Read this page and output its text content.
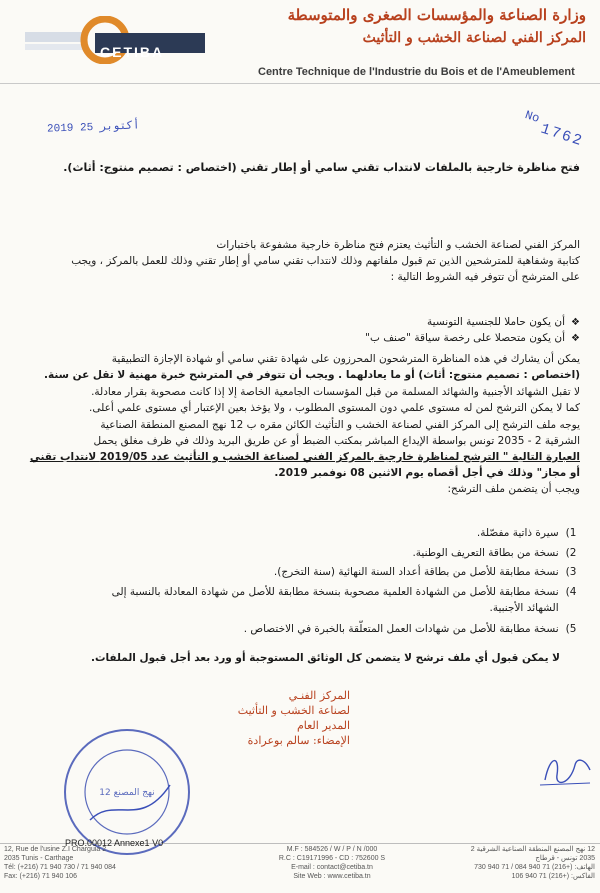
CETIBA
وزارة الصناعة والمؤسسات الصغرى والمتوسطة
المركز الفني لصناعة الخشب و التأثيث
Centre Technique de l'Industrie du Bois et de l'Ameublement
2019 أكتوبر 25
No
1762
فتح مناظرة خارجية بالملفات لانتداب تقني سامي أو إطار تقني (اختصاص : تصميم منتوج: أثاث).
المركز الفني لصناعة الخشب و التأثيث يعتزم فتح مناظرة خارجية مشفوعة باختبارات
كتابية وشفاهية للمترشحين الذين تم قبول ملفاتهم وذلك لانتداب تقني سامي أو إطار تقني وذلك للعمل بالمركز ، ويجب
على المترشح أن تتوفر فيه الشروط التالية :
❖أن يكون حاملا للجنسية التونسية
❖أن يكون متحصلا على رخصة سياقة "صنف ب"
يمكن أن يشارك في هذه المناظرة المترشحون المحرزون على شهادة تقني سامي أو شهادة الإجازة التطبيقية
(اختصاص : تصميم منتوج: أثاث) أو ما يعادلهما . ويجب أن تتوفر في المترشح خبرة مهنية لا تقل عن سنة.
لا تقبل الشهائد الأجنبية والشهائد المسلمة من قبل المؤسسات الجامعية الخاصة إلا إذا كانت مصحوبة بقرار معادلة.
كما لا يمكن الترشح لمن له مستوى علمي دون المستوى المطلوب ، ولا يؤخذ بعين الإعتبار أي مستوى علمي أعلى.
يوجه ملف الترشح إلى المركز الفني لصناعة الخشب و التأثيث الكائن مقره ب 12 نهج المصنع المنطقة الصناعية
الشرقية 2 - 2035 تونس بواسطة الإيداع المباشر بمكتب الضبط أو عن طريق البريد وذلك في ظرف مغلق يحمل
العبارة التالية " الترشح لمناظرة خارجية بالمركز الفني لصناعة الخشب و التأثيث عدد 2019/05 لانتداب تقني
أو مجاز" وذلك في أجل أقصاه يوم الاثنين 08 نوفمبر 2019.
ويجب أن يتضمن ملف الترشح:
1) سيرة ذاتية مفصّلة.
2) نسخة من بطاقة التعريف الوطنية.
3) نسخة مطابقة للأصل من بطاقة أعداد السنة النهائية (سنة التخرج).
4) نسخة مطابقة للأصل من الشهادة العلمية مصحوبة بنسخة مطابقة للأصل من شهادة المعادلة بالنسبة إلى
الشهائد الأجنبية.
5) نسخة مطابقة للأصل من شهادات العمل المتعلّقة بالخبرة في الاختصاص .
لا يمكن قبول أي ملف ترشح لا يتضمن كل الوثائق المستوجبة أو ورد بعد أجل قبول الملفات.
المركز الفنـي
لصناعة الخشب و التأثيث
المدير العام
الإمضاء: سالم بوعرادة
12 نهج المصنع
PRO.00012 Annexe1 V0
12, Rue de l'usine Z.I Charguia 2
2035 Tunis - Carthage
Tél: (+216) 71 940 730 / 71 940 084
Fax: (+216) 71 940 106
M.F : 584526 / W / P / N /000
R.C : C19171996 - CD : 752600 S
E-mail : contact@cetiba.tn
Site Web : www.cetiba.tn
12 نهج المصنع المنطقة الصناعية الشرقية 2
2035 تونس - قرطاج
الهاتف: (+216) 71 940 084 / 71 940 730
الفاكس: (+216) 71 940 106
